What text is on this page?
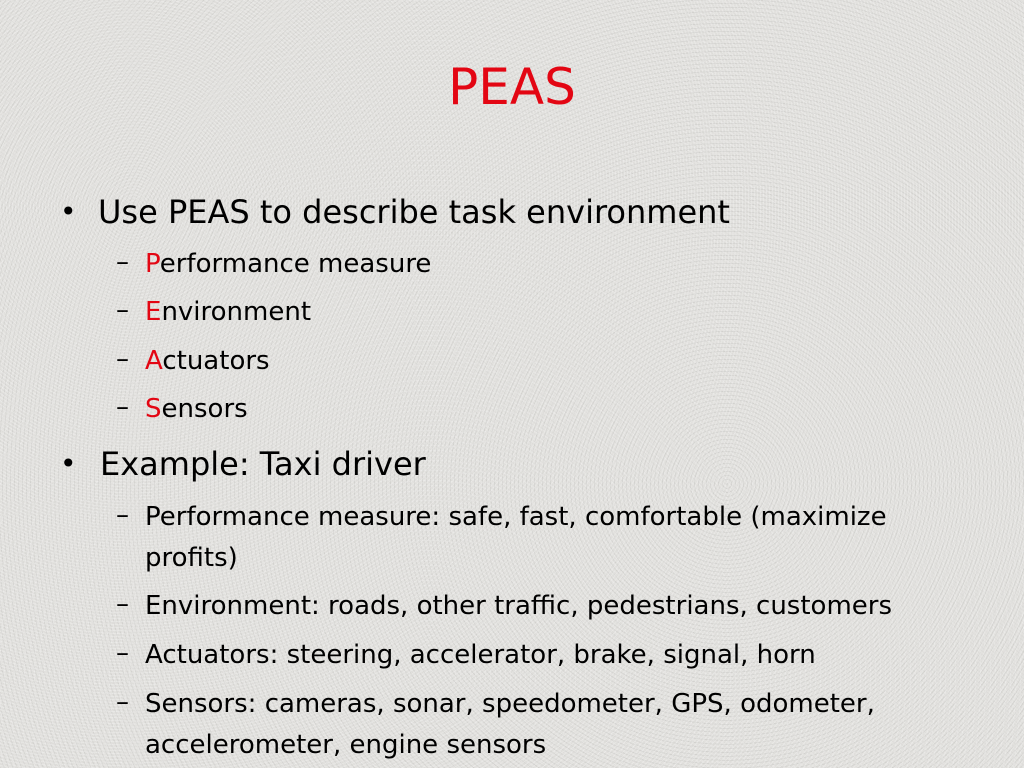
PEAS
• Use PEAS to describe task environment
– Performance measure
– Environment
– Actuators
– Sensors
• Example: Taxi driver
– Performance measure: safe, fast, comfortable (maximize profits)
– Environment: roads, other traffic, pedestrians, customers
– Actuators: steering, accelerator, brake, signal, horn
– Sensors: cameras, sonar, speedometer, GPS, odometer, accelerometer, engine sensors
